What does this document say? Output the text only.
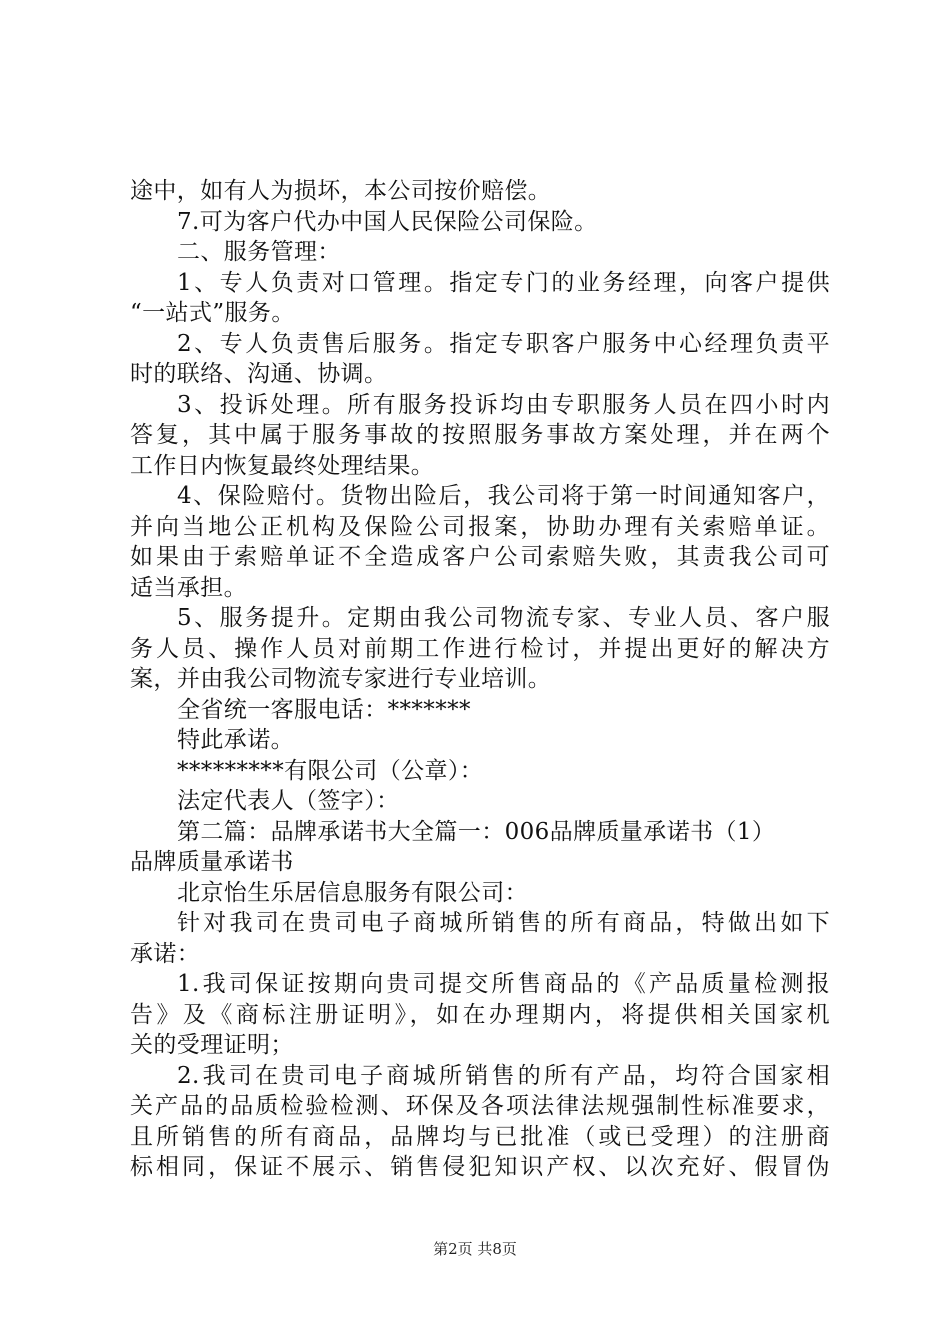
途中，如有人为损坏，本公司按价赔偿。
7.可为客户代办中国人民保险公司保险。
二、服务管理：
1、专人负责对口管理。指定专门的业务经理，向客户提供
“一站式”服务。
2、专人负责售后服务。指定专职客户服务中心经理负责平
时的联络、沟通、协调。
3、投诉处理。所有服务投诉均由专职服务人员在四小时内
答复，其中属于服务事故的按照服务事故方案处理，并在两个
工作日内恢复最终处理结果。
4、保险赔付。货物出险后，我公司将于第一时间通知客户，
并向当地公正机构及保险公司报案，协助办理有关索赔单证。
如果由于索赔单证不全造成客户公司索赔失败，其责我公司可
适当承担。
5、服务提升。定期由我公司物流专家、专业人员、客户服
务人员、操作人员对前期工作进行检讨，并提出更好的解决方
案，并由我公司物流专家进行专业培训。
全省统一客服电话：*******
特此承诺。
*********有限公司（公章）：
法定代表人（签字）：
第二篇：品牌承诺书大全篇一：006品牌质量承诺书（1）
品牌质量承诺书
北京怡生乐居信息服务有限公司：
针对我司在贵司电子商城所销售的所有商品，特做出如下
承诺：
1.我司保证按期向贵司提交所售商品的《产品质量检测报
告》及《商标注册证明》，如在办理期内，将提供相关国家机
关的受理证明；
2.我司在贵司电子商城所销售的所有产品，均符合国家相
关产品的品质检验检测、环保及各项法律法规强制性标准要求，
且所销售的所有商品，品牌均与已批准（或已受理）的注册商
标相同，保证不展示、销售侵犯知识产权、以次充好、假冒伪
第2页 共8页
